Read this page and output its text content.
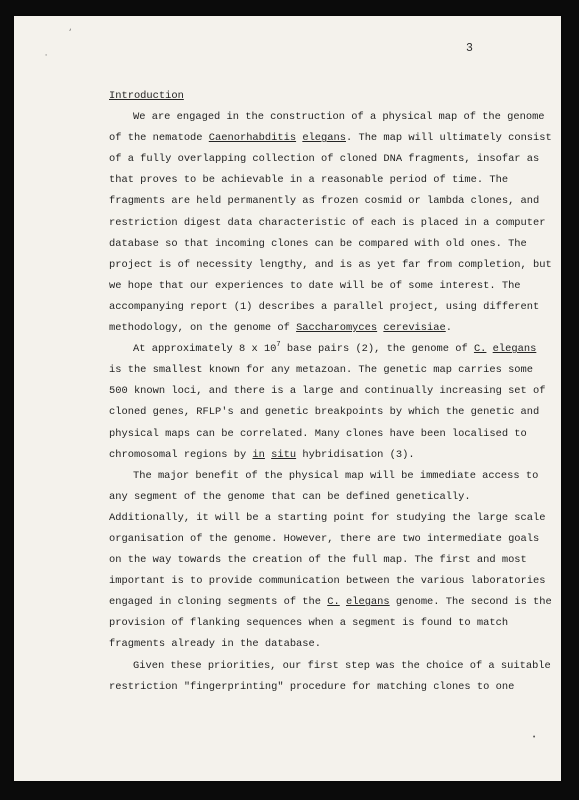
‘
·
•
3
Introduction
We are engaged in the construction of a physical map of the genome
of the nematode Caenorhabditis elegans. The map will ultimately consist
of a fully overlapping collection of cloned DNA fragments, insofar as
that proves to be achievable in a reasonable period of time. The
fragments are held permanently as frozen cosmid or lambda clones, and
restriction digest data characteristic of each is placed in a computer
database so that incoming clones can be compared with old ones. The
project is of necessity lengthy, and is as yet far from completion, but
we hope that our experiences to date will be of some interest. The
accompanying report (1) describes a parallel project, using different
methodology, on the genome of Saccharomyces cerevisiae.
At approximately 8 x $10^7$ base pairs (2), the genome of C. elegans
is the smallest known for any metazoan. The genetic map carries some
500 known loci, and there is a large and continually increasing set of
cloned genes, RFLP's and genetic breakpoints by which the genetic and
physical maps can be correlated. Many clones have been localised to
chromosomal regions by in situ hybridisation (3).
The major benefit of the physical map will be immediate access to
any segment of the genome that can be defined genetically.
Additionally, it will be a starting point for studying the large scale
organisation of the genome. However, there are two intermediate goals
on the way towards the creation of the full map. The first and most
important is to provide communication between the various laboratories
engaged in cloning segments of the C. elegans genome. The second is the
provision of flanking sequences when a segment is found to match
fragments already in the database.
Given these priorities, our first step was the choice of a suitable
restriction "fingerprinting" procedure for matching clones to one
